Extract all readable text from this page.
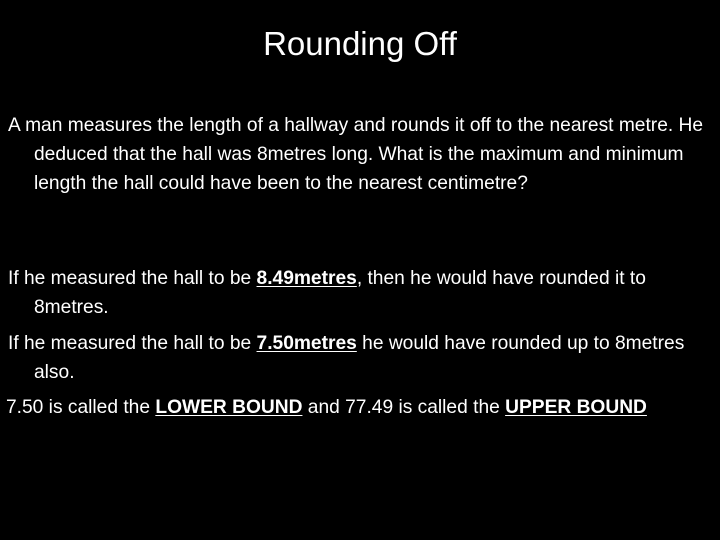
Rounding Off

A man measures the length of a hallway and rounds it off to the nearest metre. He deduced that the hall was 8metres long. What is the maximum and minimum length the hall could have been to the nearest centimetre?

If he measured the hall to be 8.49metres, then he would have rounded it to 8metres.

If he measured the hall to be 7.50metres he would have rounded up to 8metres also.

7.50 is called the LOWER BOUND and 77.49 is called the UPPER BOUND
